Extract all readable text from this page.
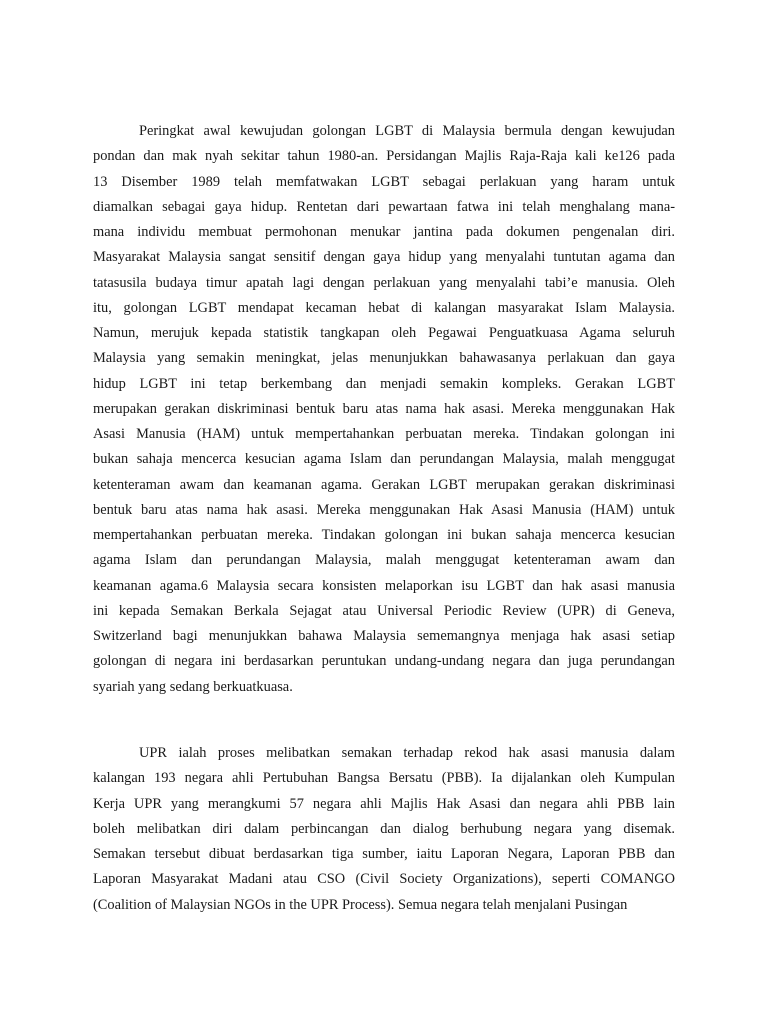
Peringkat awal kewujudan golongan LGBT di Malaysia bermula dengan kewujudan
pondan dan mak nyah sekitar tahun 1980-an. Persidangan Majlis Raja-Raja kali ke126 pada
13 Disember 1989 telah memfatwakan LGBT sebagai perlakuan yang haram untuk
diamalkan sebagai gaya hidup. Rentetan dari pewartaan fatwa ini telah menghalang mana-
mana individu membuat permohonan menukar jantina pada dokumen pengenalan diri.
Masyarakat Malaysia sangat sensitif dengan gaya hidup yang menyalahi tuntutan agama dan
tatasusila budaya timur apatah lagi dengan perlakuan yang menyalahi tabi’e manusia. Oleh
itu, golongan LGBT mendapat kecaman hebat di kalangan masyarakat Islam Malaysia.
Namun, merujuk kepada statistik tangkapan oleh Pegawai Penguatkuasa Agama seluruh
Malaysia yang semakin meningkat, jelas menunjukkan bahawasanya perlakuan dan gaya
hidup LGBT ini tetap berkembang dan menjadi semakin kompleks. Gerakan LGBT
merupakan gerakan diskriminasi bentuk baru atas nama hak asasi. Mereka menggunakan Hak
Asasi Manusia (HAM) untuk mempertahankan perbuatan mereka. Tindakan golongan ini
bukan sahaja mencerca kesucian agama Islam dan perundangan Malaysia, malah menggugat
ketenteraman awam dan keamanan agama. Gerakan LGBT merupakan gerakan diskriminasi
bentuk baru atas nama hak asasi. Mereka menggunakan Hak Asasi Manusia (HAM) untuk
mempertahankan perbuatan mereka. Tindakan golongan ini bukan sahaja mencerca kesucian
agama Islam dan perundangan Malaysia, malah menggugat ketenteraman awam dan
keamanan agama.6 Malaysia secara konsisten melaporkan isu LGBT dan hak asasi manusia
ini kepada Semakan Berkala Sejagat atau Universal Periodic Review (UPR) di Geneva,
Switzerland bagi menunjukkan bahawa Malaysia sememangnya menjaga hak asasi setiap
golongan di negara ini berdasarkan peruntukan undang-undang negara dan juga perundangan
syariah yang sedang berkuatkuasa.
UPR ialah proses melibatkan semakan terhadap rekod hak asasi manusia dalam
kalangan 193 negara ahli Pertubuhan Bangsa Bersatu (PBB). Ia dijalankan oleh Kumpulan
Kerja UPR yang merangkumi 57 negara ahli Majlis Hak Asasi dan negara ahli PBB lain
boleh melibatkan diri dalam perbincangan dan dialog berhubung negara yang disemak.
Semakan tersebut dibuat berdasarkan tiga sumber, iaitu Laporan Negara, Laporan PBB dan
Laporan Masyarakat Madani atau CSO (Civil Society Organizations), seperti COMANGO
(Coalition of Malaysian NGOs in the UPR Process). Semua negara telah menjalani Pusingan
